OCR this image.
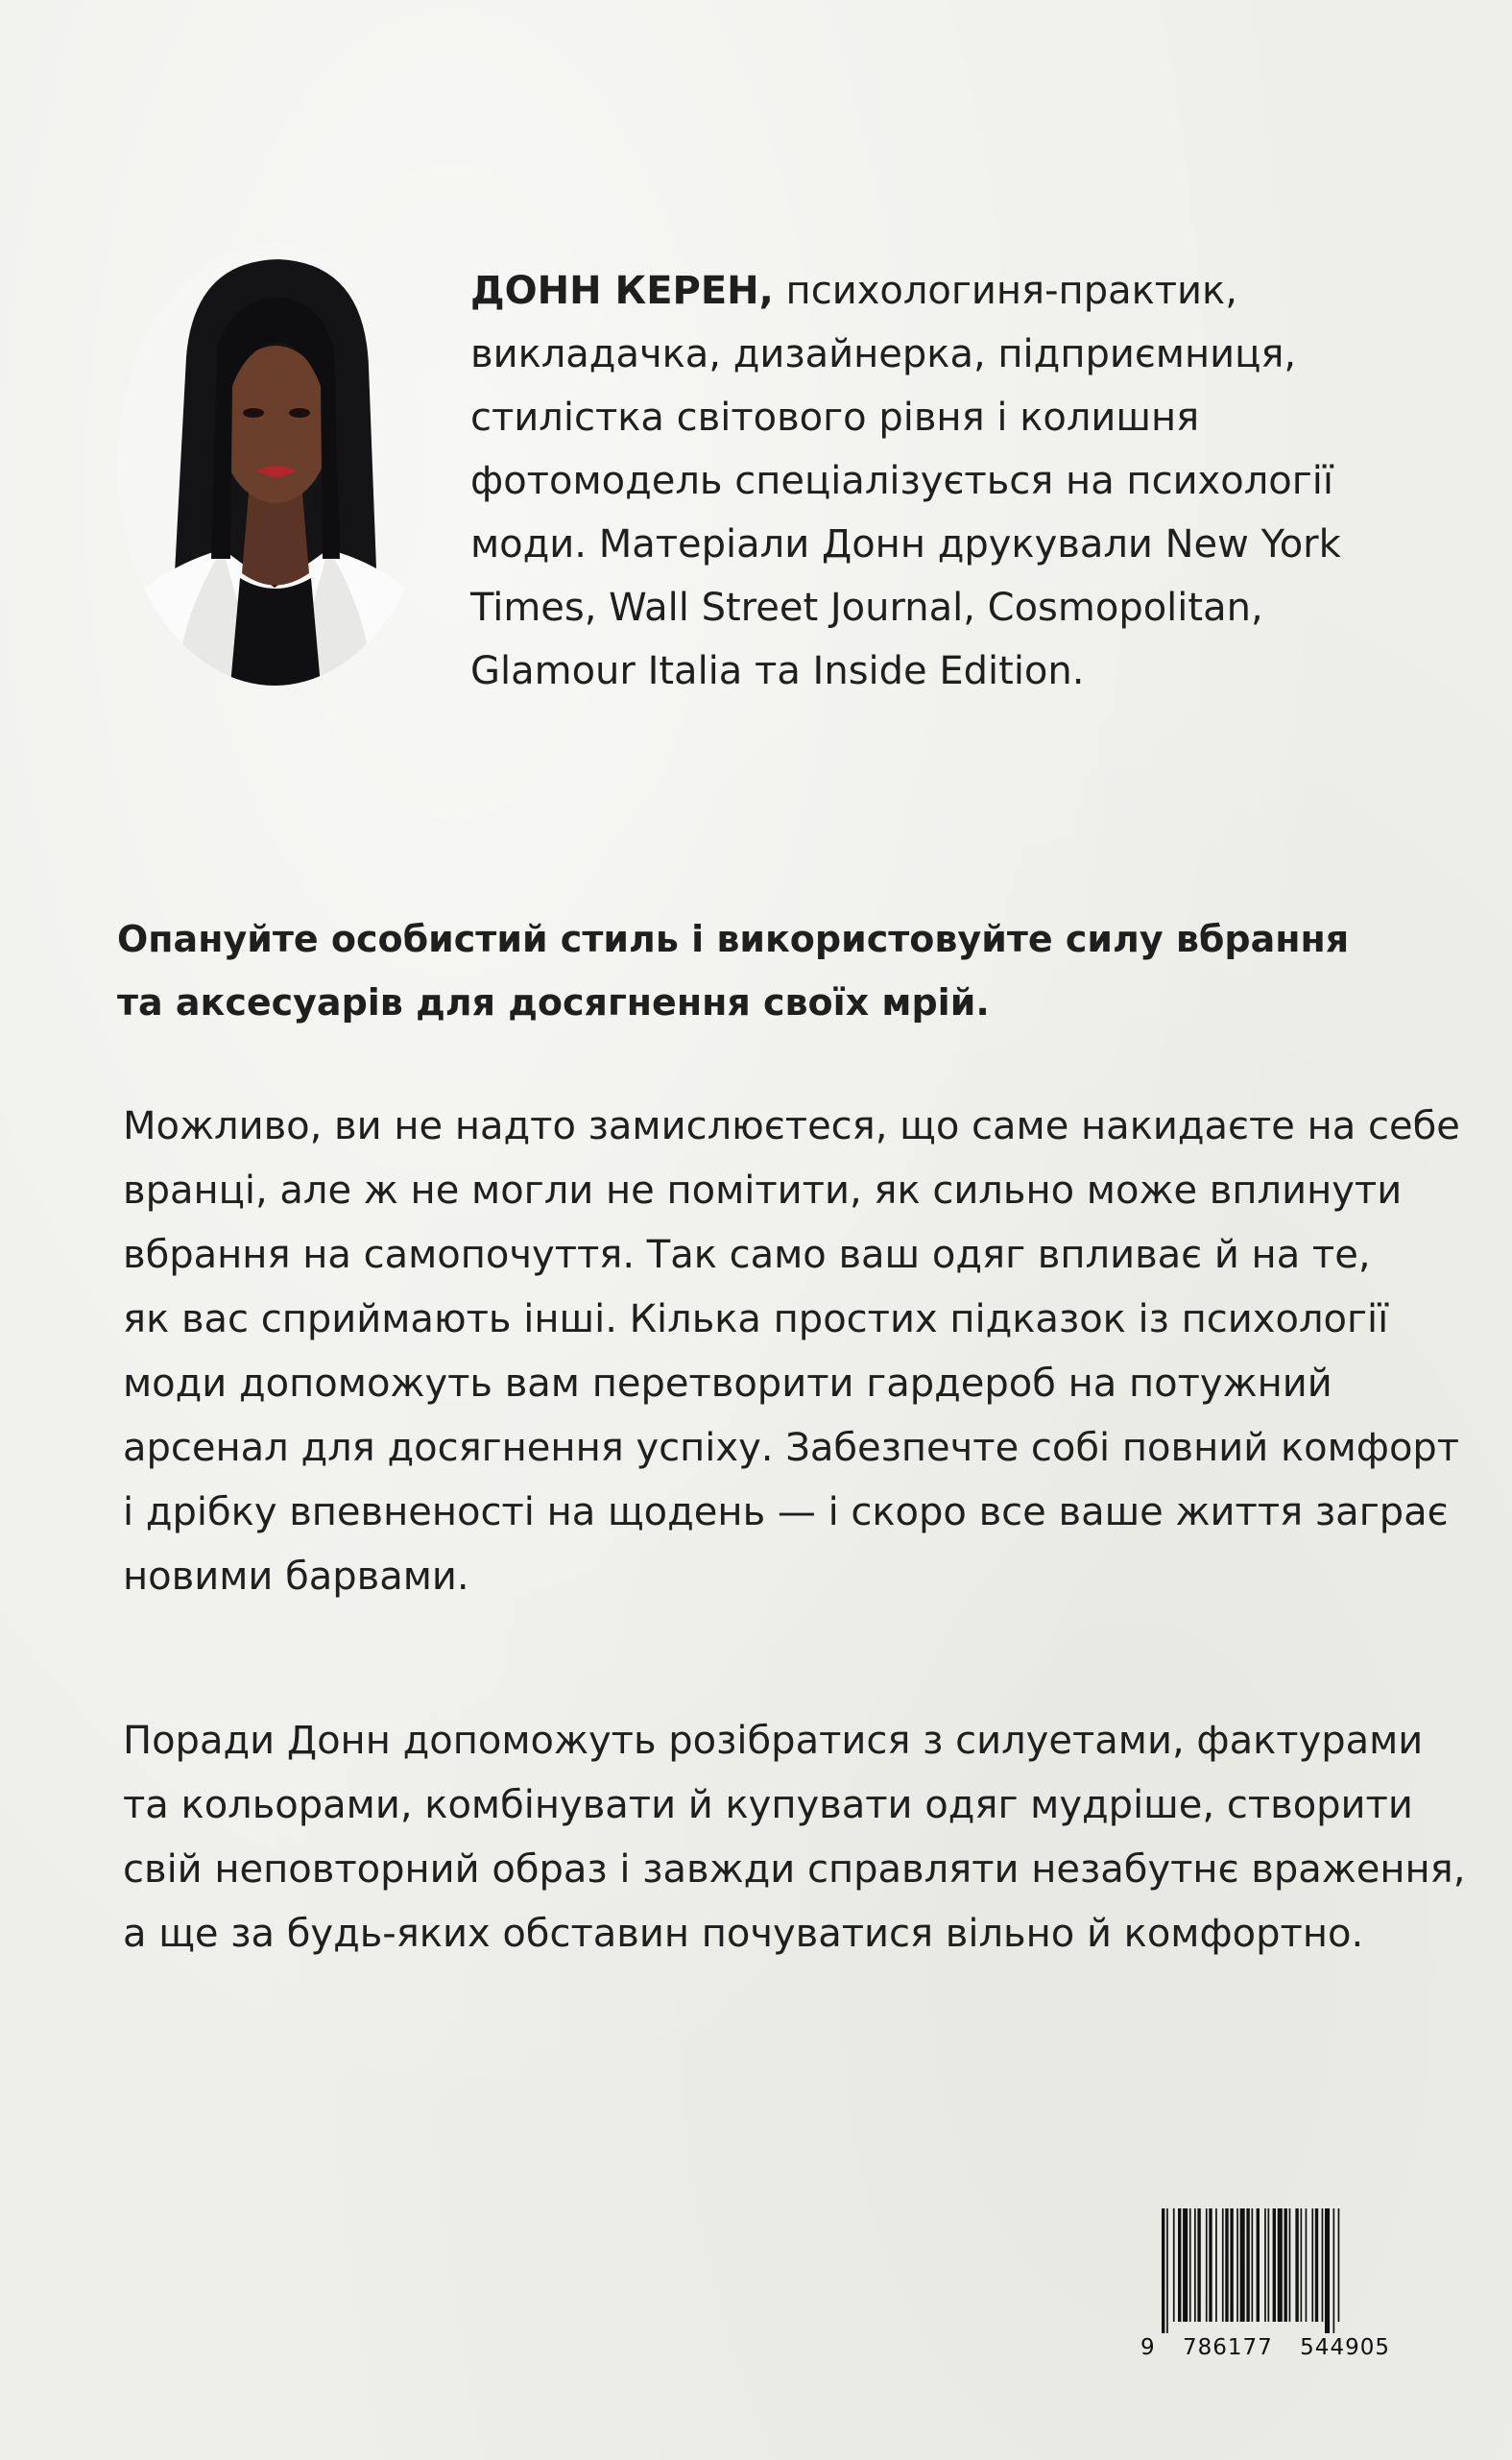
ДОНН КЕРЕН, психологиня-практик,
викладачка, дизайнерка, підприємниця,
стилістка світового рівня і колишня
фотомодель спеціалізується на психології
моди. Матеріали Донн друкували New York
Times, Wall Street Journal, Cosmopolitan,
Glamour Italia та Inside Edition.
Опануйте особистий стиль і використовуйте силу вбрання
та аксесуарів для досягнення своїх мрій.
Можливо, ви не надто замислюєтеся, що саме накидаєте на себе
вранці, але ж не могли не помітити, як сильно може вплинути
вбрання на самопочуття. Так само ваш одяг впливає й на те,
як вас сприймають інші. Кілька простих підказок із психології
моди допоможуть вам перетворити гардероб на потужний
арсенал для досягнення успіху. Забезпечте собі повний комфорт
і дрібку впевненості на щодень — і скоро все ваше життя заграє
новими барвами.
Поради Донн допоможуть розібратися з силуетами, фактурами
та кольорами, комбінувати й купувати одяг мудріше, створити
свій неповторний образ і завжди справляти незабутнє враження,
а ще за будь-яких обставин почуватися вільно й комфортно.
9 786177 544905
